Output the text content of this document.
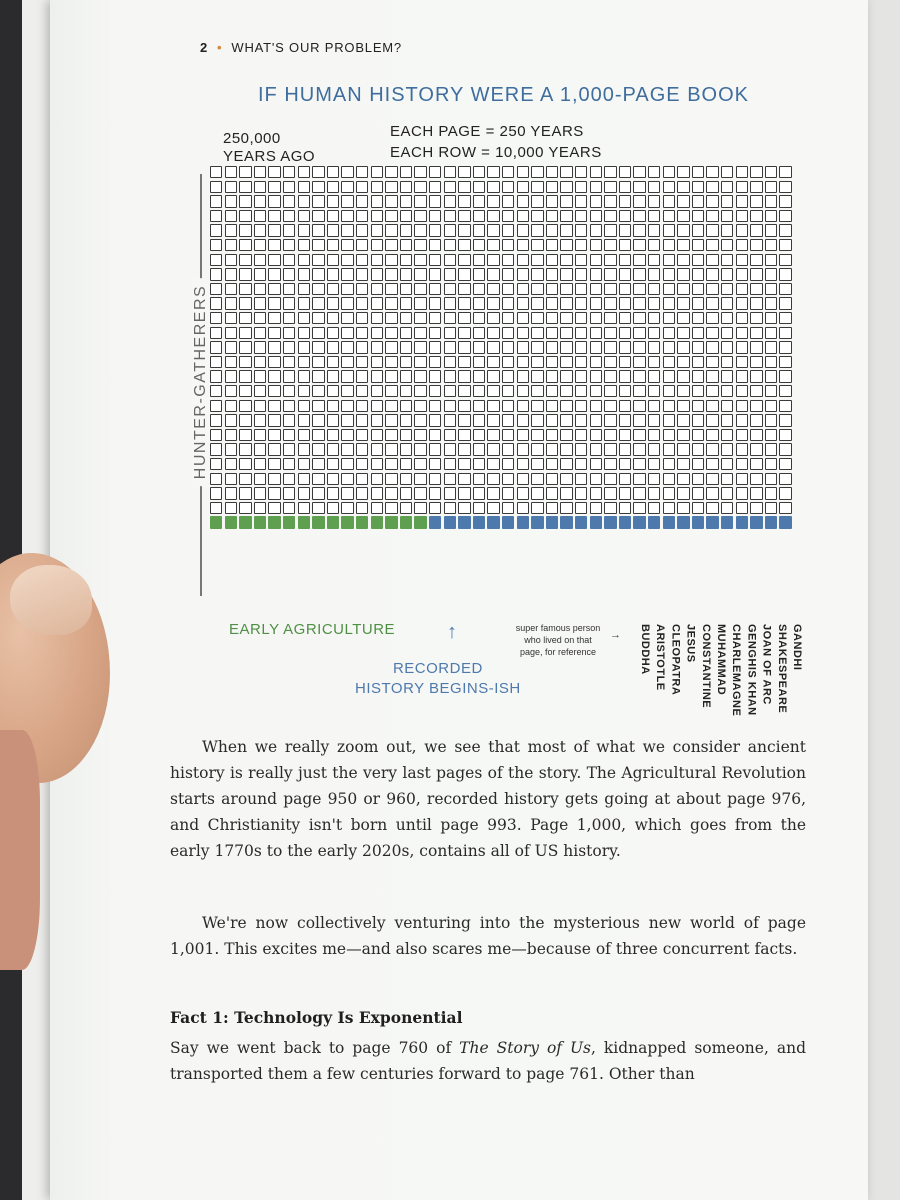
2 • WHAT'S OUR PROBLEM?
IF HUMAN HISTORY WERE A 1,000-PAGE BOOK
250,000
YEARS AGO
EACH PAGE = 250 YEARS
EACH ROW = 10,000 YEARS
HUNTER-GATHERERS
EARLY AGRICULTURE	↑
RECORDED
HISTORY BEGINS-ISH
super famous person
who lived on that
page, for reference
→ BUDDHA ARISTOTLE CLEOPATRA JESUS CONSTANTINE MUHAMMAD CHARLEMAGNE GENGHIS KHAN JOAN OF ARC SHAKESPEARE GANDHI
When we really zoom out, we see that most of what we consider ancient history is really just the very last pages of the story. The Agricultural Revolution starts around page 950 or 960, recorded history gets going at about page 976, and Christianity isn't born until page 993. Page 1,000, which goes from the early 1770s to the early 2020s, contains all of US history.
We're now collectively venturing into the mysterious new world of page 1,001. This excites me—and also scares me—because of three concurrent facts.
Fact 1: Technology Is Exponential
Say we went back to page 760 of The Story of Us, kidnapped someone, and transported them a few centuries forward to page 761. Other than
